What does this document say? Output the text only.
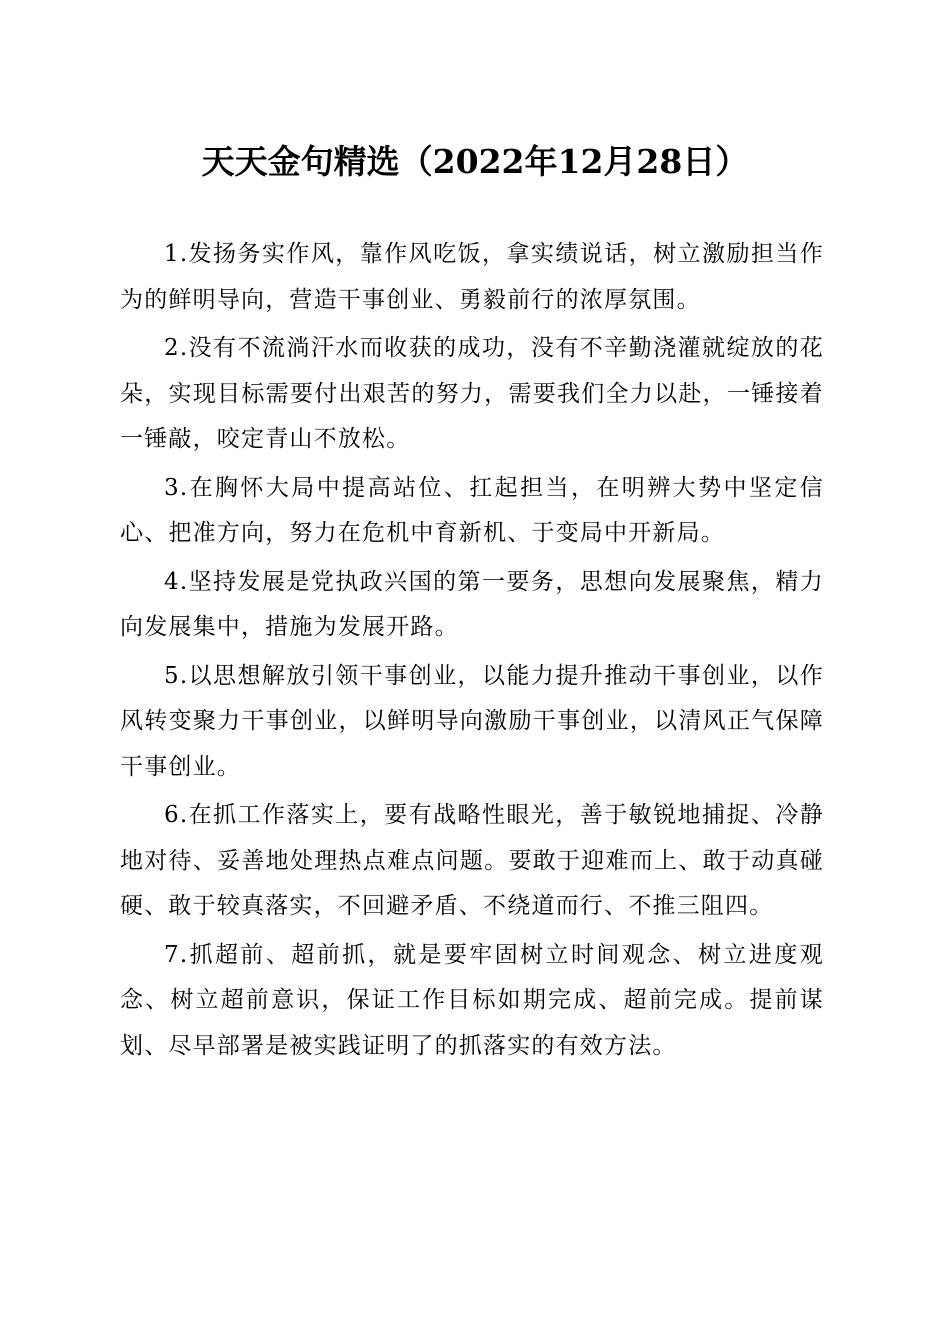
天天金句精选（2022年12月28日）

1.发扬务实作风，靠作风吃饭，拿实绩说话，树立激励担当作为的鲜明导向，营造干事创业、勇毅前行的浓厚氛围。

2.没有不流淌汗水而收获的成功，没有不辛勤浇灌就绽放的花朵，实现目标需要付出艰苦的努力，需要我们全力以赴，一锤接着一锤敲，咬定青山不放松。

3.在胸怀大局中提高站位、扛起担当，在明辨大势中坚定信心、把准方向，努力在危机中育新机、于变局中开新局。

4.坚持发展是党执政兴国的第一要务，思想向发展聚焦，精力向发展集中，措施为发展开路。

5.以思想解放引领干事创业，以能力提升推动干事创业，以作风转变聚力干事创业，以鲜明导向激励干事创业，以清风正气保障干事创业。

6.在抓工作落实上，要有战略性眼光，善于敏锐地捕捉、冷静地对待、妥善地处理热点难点问题。要敢于迎难而上、敢于动真碰硬、敢于较真落实，不回避矛盾、不绕道而行、不推三阻四。

7.抓超前、超前抓，就是要牢固树立时间观念、树立进度观念、树立超前意识，保证工作目标如期完成、超前完成。提前谋划、尽早部署是被实践证明了的抓落实的有效方法。
